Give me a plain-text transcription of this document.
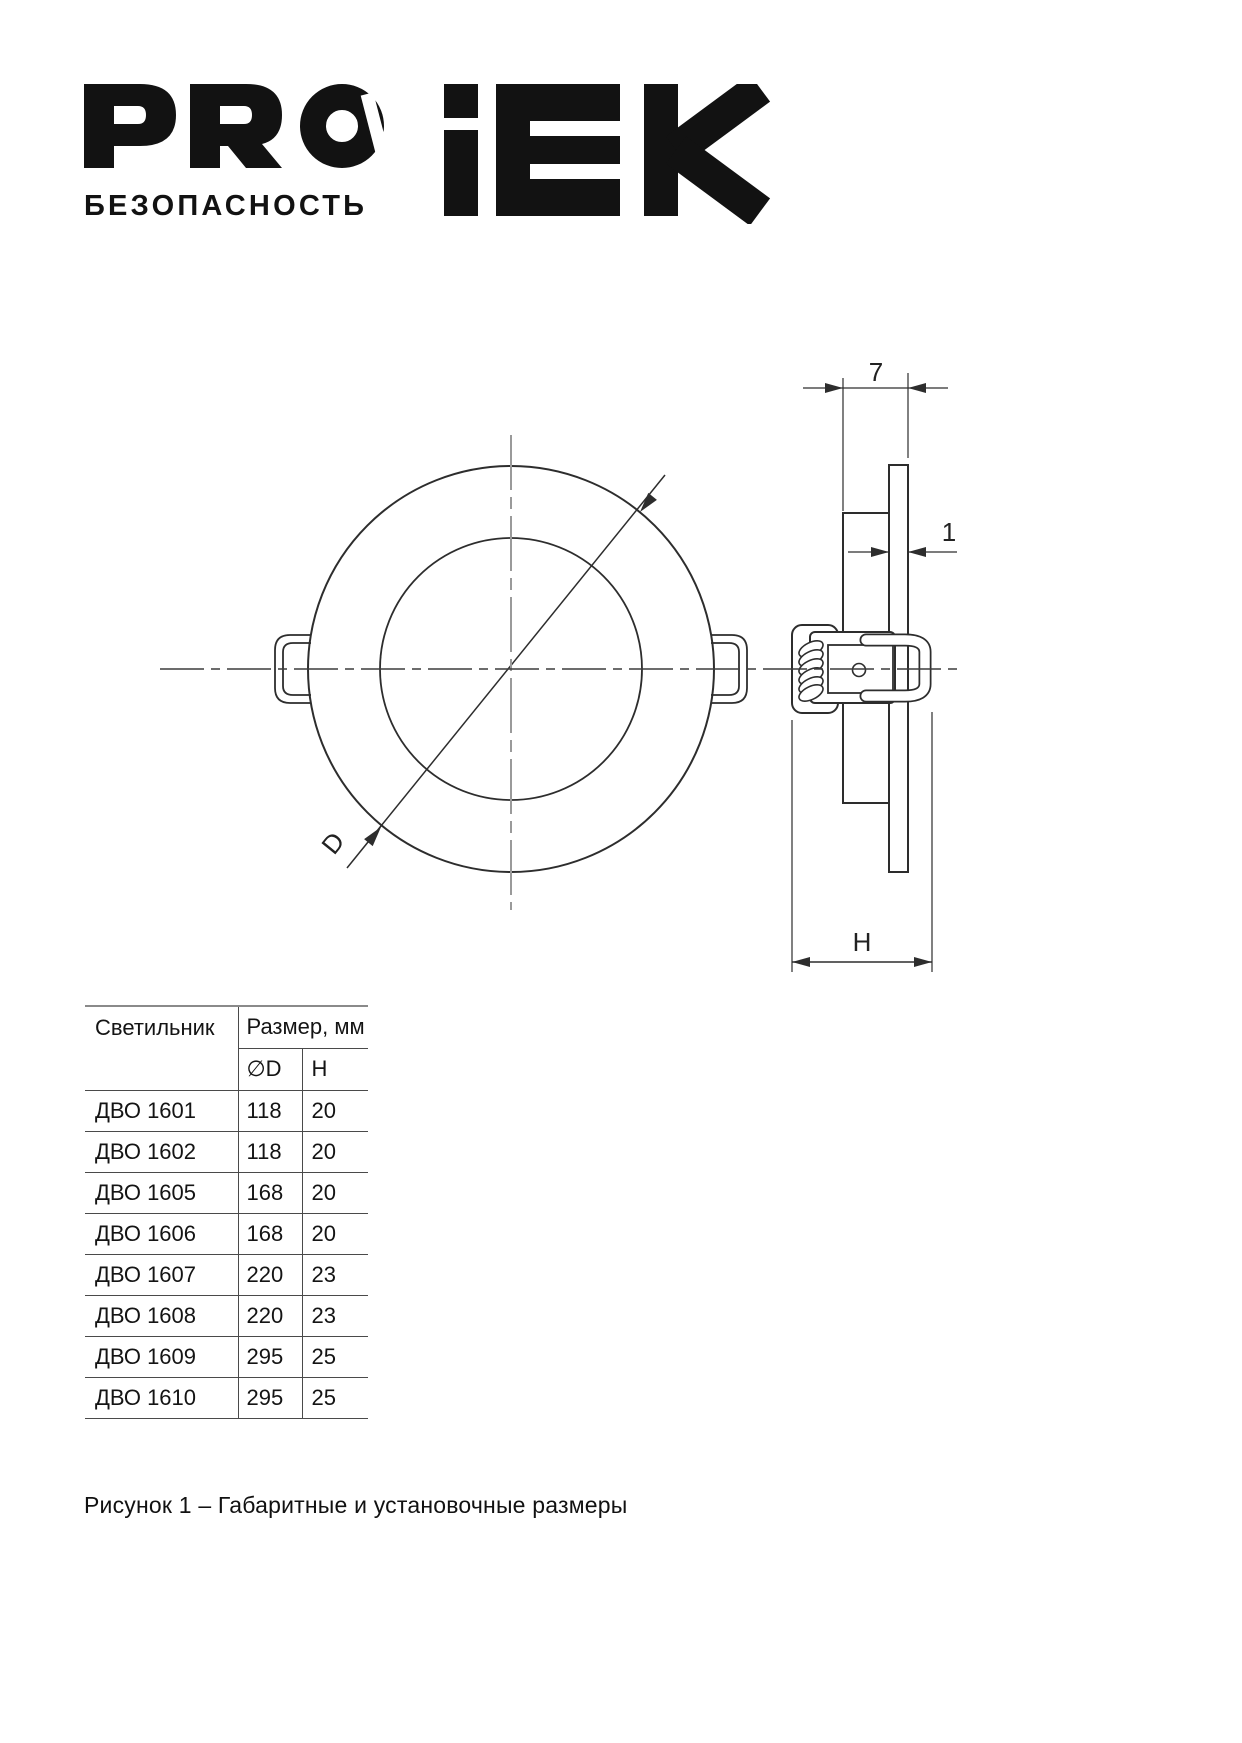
БЕЗОПАСНОСТЬ
D
7
1
H
Светильник	Размер, мм	
	∅D	H
ДВО 1601	118	20
ДВО 1602	118	20
ДВО 1605	168	20
ДВО 1606	168	20
ДВО 1607	220	23
ДВО 1608	220	23
ДВО 1609	295	25
ДВО 1610	295	25
Рисунок 1 – Габаритные и установочные размеры
